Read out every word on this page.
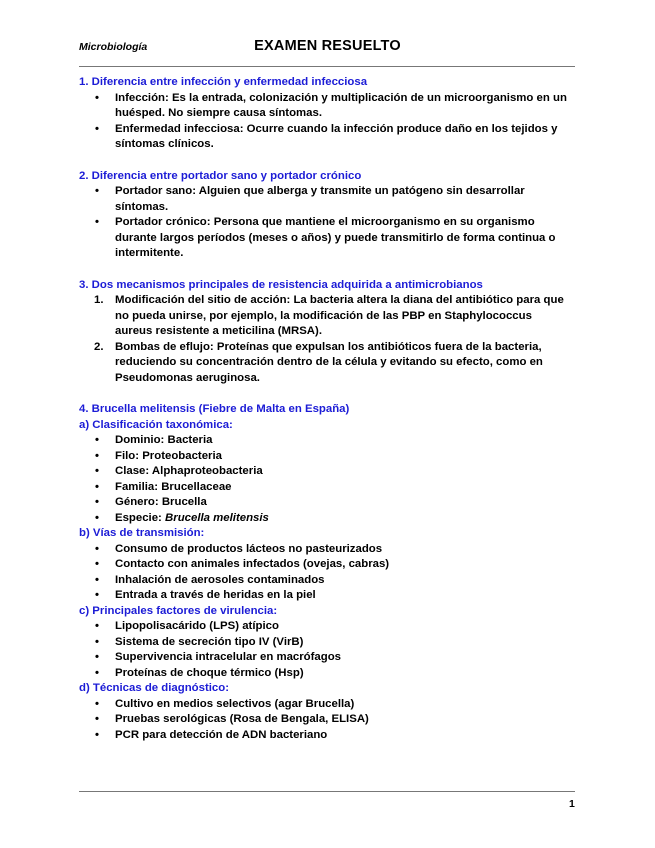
Microbiología	EXAMEN RESUELTO
1. Diferencia entre infección y enfermedad infecciosa
• Infección: Es la entrada, colonización y multiplicación de un microorganismo en un huésped. No siempre causa síntomas.
• Enfermedad infecciosa: Ocurre cuando la infección produce daño en los tejidos y síntomas clínicos.
2. Diferencia entre portador sano y portador crónico
• Portador sano: Alguien que alberga y transmite un patógeno sin desarrollar síntomas.
• Portador crónico: Persona que mantiene el microorganismo en su organismo durante largos períodos (meses o años) y puede transmitirlo de forma continua o intermitente.
3. Dos mecanismos principales de resistencia adquirida a antimicrobianos
1. Modificación del sitio de acción: La bacteria altera la diana del antibiótico para que no pueda unirse, por ejemplo, la modificación de las PBP en Staphylococcus aureus resistente a meticilina (MRSA).
2. Bombas de eflujo: Proteínas que expulsan los antibióticos fuera de la bacteria, reduciendo su concentración dentro de la célula y evitando su efecto, como en Pseudomonas aeruginosa.
4. Brucella melitensis (Fiebre de Malta en España)
a) Clasificación taxonómica:
• Dominio: Bacteria
• Filo: Proteobacteria
• Clase: Alphaproteobacteria
• Familia: Brucellaceae
• Género: Brucella
• Especie: Brucella melitensis
b) Vías de transmisión:
• Consumo de productos lácteos no pasteurizados
• Contacto con animales infectados (ovejas, cabras)
• Inhalación de aerosoles contaminados
• Entrada a través de heridas en la piel
c) Principales factores de virulencia:
• Lipopolisacárido (LPS) atípico
• Sistema de secreción tipo IV (VirB)
• Supervivencia intracelular en macrófagos
• Proteínas de choque térmico (Hsp)
d) Técnicas de diagnóstico:
• Cultivo en medios selectivos (agar Brucella)
• Pruebas serológicas (Rosa de Bengala, ELISA)
• PCR para detección de ADN bacteriano
1
